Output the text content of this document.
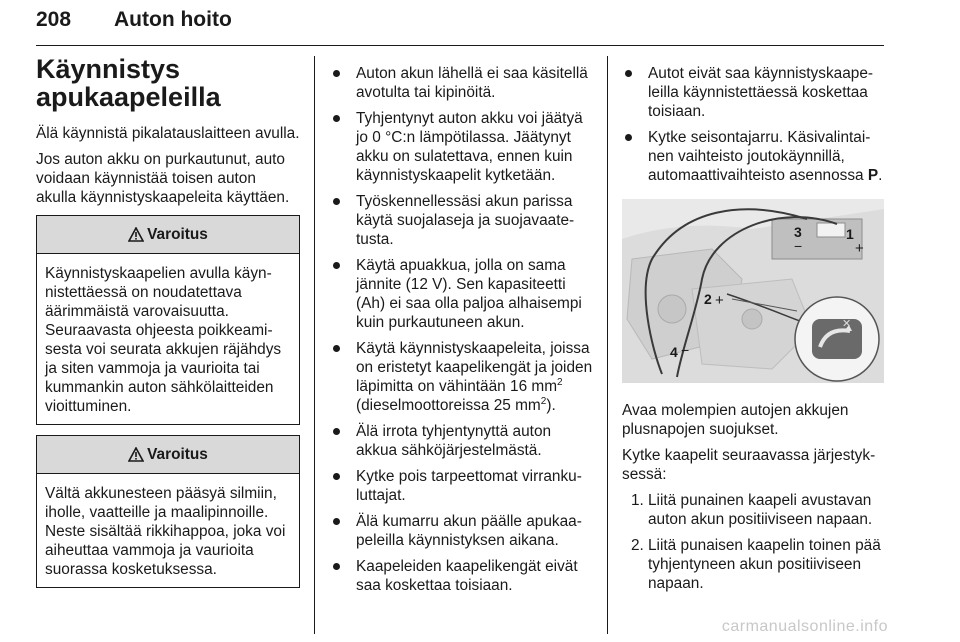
208 Auton hoito
Käynnistys
apukaapeleilla

Älä käynnistä pikalatauslaitteen avulla.

Jos auton akku on purkautunut, auto voidaan käynnistää toisen auton akulla käynnistyskaapeleita käyttäen.

Varoitus
Käynnistyskaapelien avulla käynnistettäessä on noudatettava äärimmäistä varovaisuutta. Seuraavasta ohjeesta poikkeamisesta voi seurata akkujen räjähdys ja siten vammoja ja vaurioita tai kummankin auton sähkölaitteiden vioittuminen.
Varoitus
Vältä akkunesteen pääsyä silmiin, iholle, vaatteille ja maalipinnoille. Neste sisältää rikkihappoa, joka voi aiheuttaa vammoja ja vaurioita suorassa kosketuksessa.
Auton akun lähellä ei saa käsitellä avotulta tai kipinöitä.
Tyhjentynyt auton akku voi jäätyä jo 0 °C:n lämpötilassa. Jäätynyt akku on sulatettava, ennen kuin käynnistyskaapelit kytketään.
Työskennellessäsi akun parissa käytä suojalaseja ja suojavaatetusta.
Käytä apuakkua, jolla on sama jännite (12 V). Sen kapasiteetti (Ah) ei saa olla paljoa alhaisempi kuin purkautuneen akun.
Käytä käynnistyskaapeleita, joissa on eristetyt kaapelikengät ja joiden läpimitta on vähintään 16 $mm^2$ (dieselmoottoreissa 25 $mm^2$).
Älä irrota tyhjentynyttä auton akkua sähköjärjestelmästä.
Kytke pois tarpeettomat virrankuluttajat.
Älä kumarru akun päälle apukaapeleilla käynnistyksen aikana.
Kaapeleiden kaapelikengät eivät saa koskettaa toisiaan.
Autot eivät saa käynnistyskaapeleilla käynnistettäessä koskettaa toisiaan.
Kytke seisontajarru. Käsivalintainen vaihteisto joutokäynnillä, automaattivaihteisto asennossa P.
✕
3
−
1
+
2 +
4 −

Avaa molempien autojen akkujen plusnapojen suojukset.

Kytke kaapelit seuraavassa järjestyksessä:

1. Liitä punainen kaapeli avustavan auton akun positiiviseen napaan.
2. Liitä punaisen kaapelin toinen pää tyhjentyneen akun positiiviseen napaan.
carmanualsonline.info
